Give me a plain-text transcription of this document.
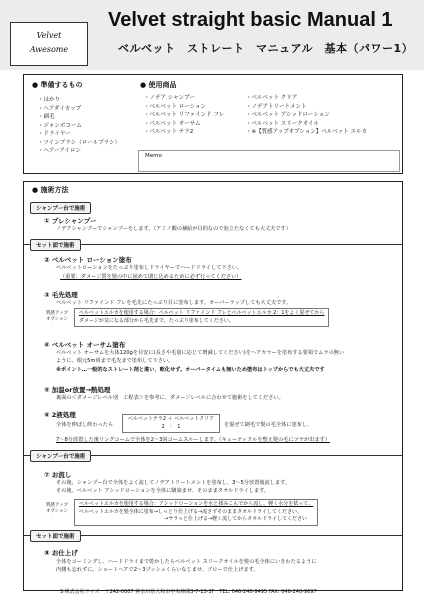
Velvet
Awesome
Velvet straight basic Manual 1
ベルベット　ストレート　マニュアル　基本（パワー1）
● 準備するもの
・ はかり
・ ヘアダイカップ
・ 刷毛
・ ジャンボコーム
・ ドライヤー
・ ツインブラシ（ロールブラシ）
・ ヘアーアイロン
● 使用商品
・ ノデア シャンプー
・ ベルベット ローション
・ ベルベット リファインド フレ
・ ベルベット オーサム
・ ベルベット テラ2
・ ベルベット クリア
・ ノデアトリートメント
・ ベルベット アシッドローション
・ ベルベット スリークオイル
・ ※【質感アップオプション】ベルベット エルカ
Memo
● 施術方法
シャンプー台で施術
① プレシャンプー
ノデアシャンプーでシャンプーをします。（アミノ酸の補給が目的なので泡立たなくても大丈夫です）
セット面で施術
② ベルベット ローション塗布
ベルベットローションをたっぷり塗布しドライヤーでハードドライして下さい。
（重要：ダメージ質を髪の中に固めて閉じ込めるために必ず行ってください）
③ 毛先処理
ベルベット リファインド フレを毛先にたっぷり目に塗布します。オーバーラップしても大丈夫です。
質感アップ オプション
ベルベットエルカを使用する場合：ベルベット リファインド フレとベルベットエルカ 2：1をよく混ぜてから
ダメージが気になる部分から毛先まで、たっぷり塗布してください。
④ ベルベット オーサム塗布
ベルベット オーサムを大体120gを目安に(長さや毛量に応じて増減してください)をヘアカラーを塗布する要領でムラの無い
ように、根元5m頃まで毛先まで塗布して下さい。
※ポイント…一般的なストレート剤と違い、軟化せず。オーバータイムも無いため塗布はトップからでも大丈夫です
⑤ 加温or放置→熱処理
裏面の＜ダメージレベル別　工程表＞を参考に、ダメージレベルに合わせて施術をしてください。
⑥ 2液処理
全体を伸ばし終わったら
ベルベットテラ2 ＋ ベルベットクリア
2　 ：　 1	を混ぜて刷毛で髪の毛全体に塗布し、
7～8分放置した後リングコームで全体を2～3回コームスルーします。（キューティクルを整え髪の毛にツヤが出ます）
シャンプー台で施術
⑦ お流し
その後、シャンプー台で全体をよく流してノデアトリートメントを塗布し、3～5分放置後流します。
その後、ベルベット アシッドローションを全体に馴染ませ、そのままタオルドライします。
質感アップ オプション
ベルベットエルカを使用する場合：アシッドローションを水と揉みこんでから流し、軽く水分を拭って、
ベルベットエルカを髪全体に塗布→しっとり仕上げる→流さずそのままタオルドライしてください。
　　　　　　　　　　　　　　　　　→サラっと仕上げる→軽く流してからタオルドライしてください
セット面で施術
⑧ お仕上げ
全体をコーミングし、ハードドライまで乾かしたらベルベット スリークオイルを髪の毛全体にいきわたるように
内側も忘れずに。ショートヘアで2～3プッシュくらいなじませ、ブローで仕上げます。
S 株式会社ワイズ　〒242-0007 神奈川県大和市中央林間3-7-13-3F　TEL: 046-240-9495 FAX: 046-240-9697
